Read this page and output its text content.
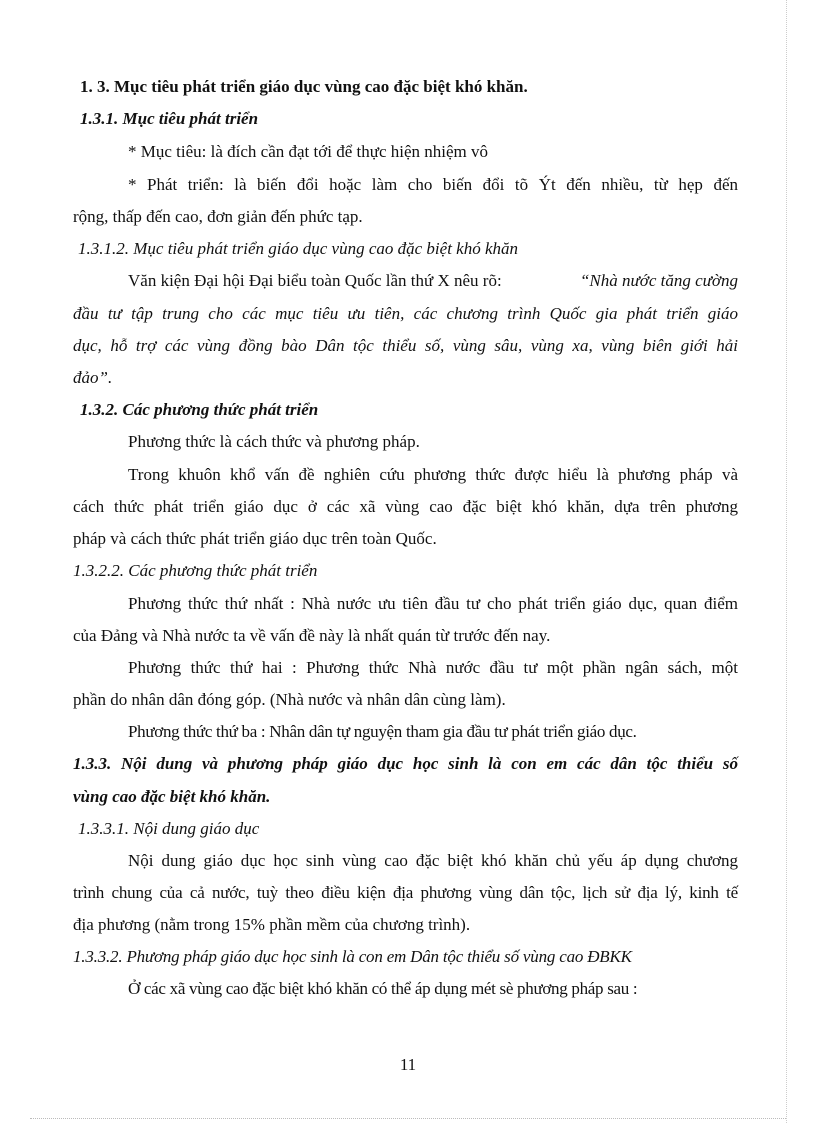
1. 3. Mục tiêu phát triển giáo dục vùng cao đặc biệt khó khăn.
1.3.1. Mục tiêu phát triển
* Mục tiêu: là đích cần đạt tới để thực hiện nhiệm vô
* Phát triển: là biến đổi hoặc làm cho biến đổi tõ Ýt đến nhiều, từ hẹp đến
rộng, thấp đến cao, đơn giản đến phức tạp.
1.3.1.2. Mục tiêu phát triển giáo dục vùng cao đặc biệt khó khăn
Văn kiện Đại hội Đại biểu toàn Quốc lần thứ X nêu rõ:	“Nhà nước tăng cường
đầu tư tập trung cho các mục tiêu ưu tiên, các chương trình Quốc gia phát triển giáo
dục, hỗ trợ các vùng đồng bào Dân tộc thiểu số, vùng sâu, vùng xa, vùng biên giới hải
đảo”.
1.3.2. Các phương thức phát triển
Phương thức là cách thức và phương pháp.
Trong khuôn khổ vấn đề nghiên cứu phương thức được hiểu là phương pháp và
cách thức phát triển giáo dục ở các xã vùng cao đặc biệt khó khăn, dựa trên phương
pháp và cách thức phát triển giáo dục trên toàn Quốc.
1.3.2.2. Các phương thức phát triển
Phương thức thứ nhất : Nhà nước ưu tiên đầu tư cho phát triển giáo dục, quan điểm
của Đảng và Nhà nước ta về vấn đề này là nhất quán từ trước đến nay.
Phương thức thứ hai : Phương thức Nhà nước đầu tư một phần ngân sách, một
phần do nhân dân đóng góp. (Nhà nước và nhân dân cùng làm).
Phương thức thứ ba : Nhân dân tự nguyện tham gia đầu tư phát triển giáo dục.
1.3.3. Nội dung và phương pháp giáo dục học sinh là con em các dân tộc thiểu số
vùng cao đặc biệt khó khăn.
1.3.3.1. Nội dung giáo dục
Nội dung giáo dục học sinh vùng cao đặc biệt khó khăn chủ yếu áp dụng chương
trình chung của cả nước, tuỳ theo điều kiện địa phương vùng dân tộc, lịch sử địa lý, kinh tế
địa phương (nằm trong 15% phần mềm của chương trình).
1.3.3.2. Phương pháp giáo dục học sinh là con em Dân tộc thiểu số vùng cao ĐBKK
Ở các xã vùng cao đặc biệt khó khăn có thể áp dụng mét sè phương pháp sau :
11
